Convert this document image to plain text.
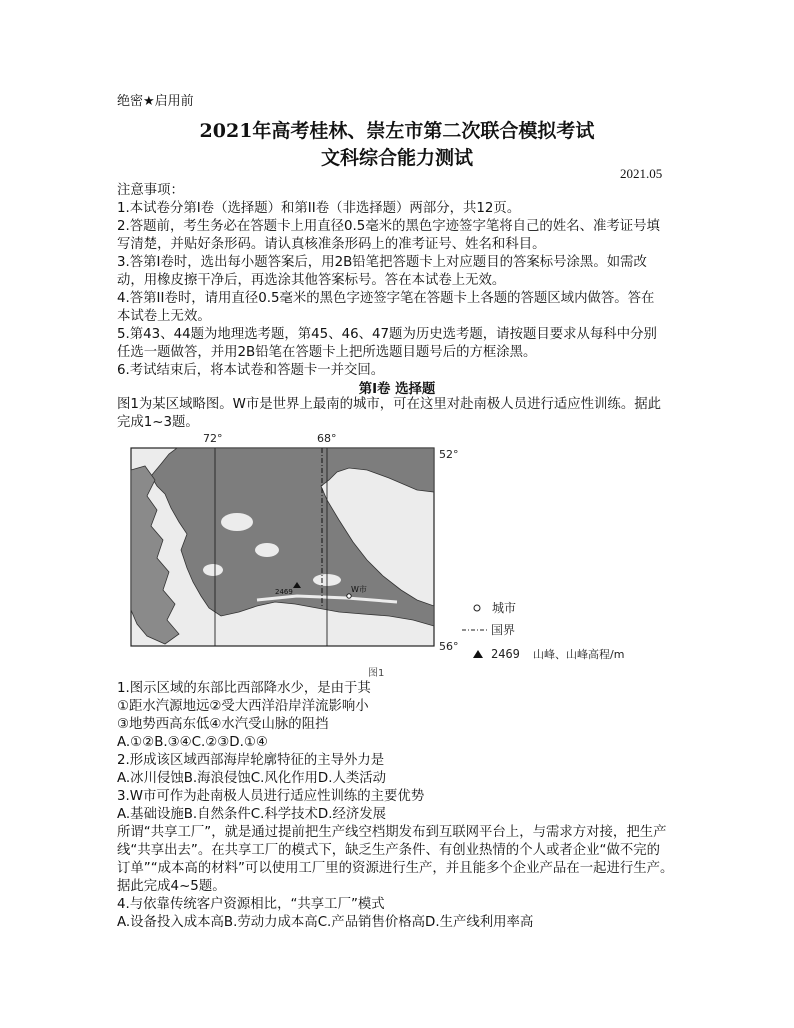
绝密★启用前
2021年高考桂林、崇左市第二次联合模拟考试
文科综合能力测试
2021.05
注意事项：
1.本试卷分第I卷（选择题）和第II卷（非选择题）两部分，共12页。
2.答题前，考生务必在答题卡上用直径0.5毫米的黑色字迹签字笔将自己的姓名、准考证号填
写清楚，并贴好条形码。请认真核准条形码上的准考证号、姓名和科目。
3.答第I卷时，选出每小题答案后，用2B铅笔把答题卡上对应题目的答案标号涂黑。如需改
动，用橡皮擦干净后，再选涂其他答案标号。答在本试卷上无效。
4.答第II卷时，请用直径0.5毫米的黑色字迹签字笔在答题卡上各题的答题区域内做答。答在
本试卷上无效。
5.第43、44题为地理选考题，第45、46、47题为历史选考题，请按题目要求从每科中分别
任选一题做答，并用2B铅笔在答题卡上把所选题目题号后的方框涂黑。
6.考试结束后，将本试卷和答题卡一并交回。
第I卷 选择题
图1为某区域略图。W市是世界上最南的城市，可在这里对赴南极人员进行适应性训练。据此
完成1~3题。
72°	68°
52°
56°
2469	W市
城市
国界
2469 山峰、山峰高程/m
图1
1.图示区域的东部比西部降水少，是由于其
①距水汽源地远②受大西洋沿岸洋流影响小
③地势西高东低④水汽受山脉的阻挡
A.①②B.③④C.②③D.①④
2.形成该区域西部海岸轮廓特征的主导外力是
A.冰川侵蚀B.海浪侵蚀C.风化作用D.人类活动
3.W市可作为赴南极人员进行适应性训练的主要优势
A.基础设施B.自然条件C.科学技术D.经济发展
所谓“共享工厂”，就是通过提前把生产线空档期发布到互联网平台上，与需求方对接，把生产
线“共享出去”。在共享工厂的模式下，缺乏生产条件、有创业热情的个人或者企业“做不完的
订单”“成本高的材料”可以使用工厂里的资源进行生产，并且能多个企业产品在一起进行生产。
据此完成4~5题。
4.与依靠传统客户资源相比，“共享工厂”模式
A.设备投入成本高B.劳动力成本高C.产品销售价格高D.生产线利用率高
